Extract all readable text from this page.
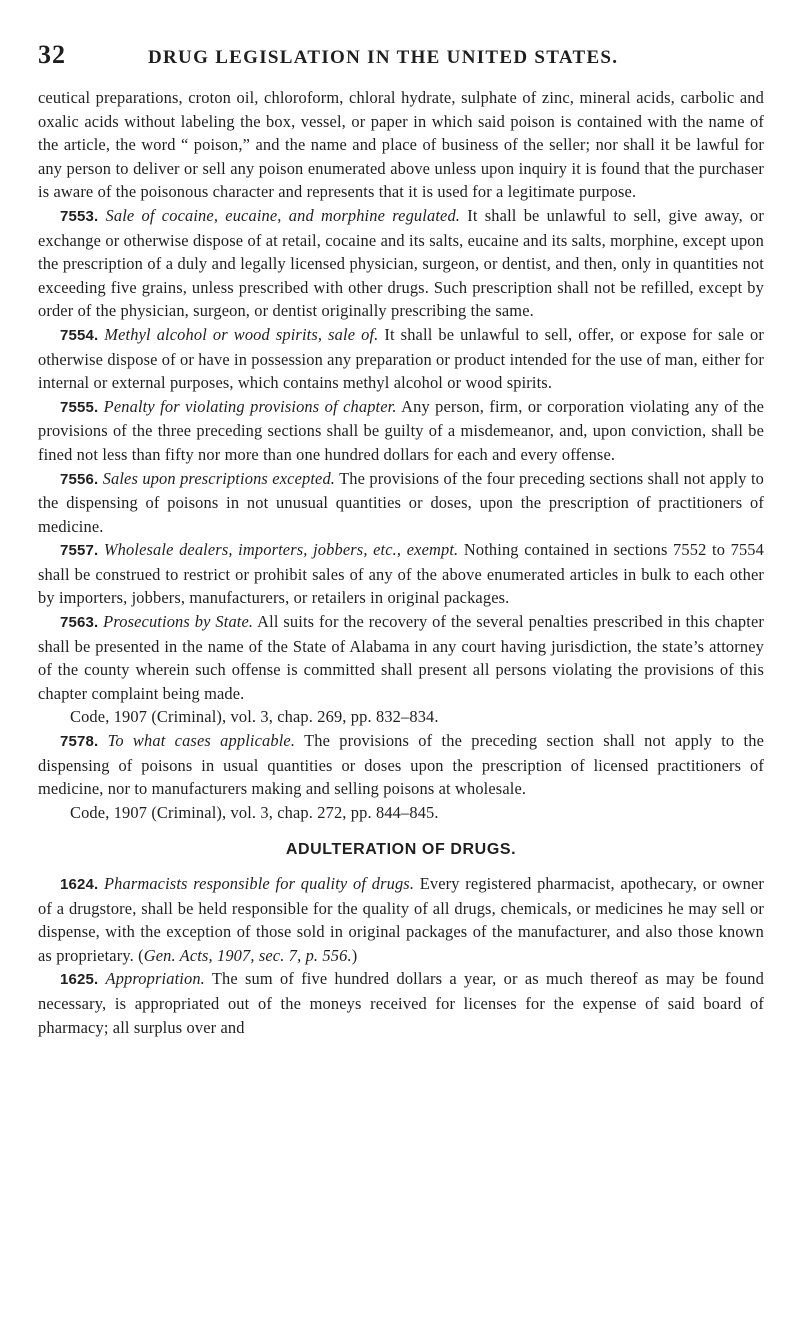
32	DRUG LEGISLATION IN THE UNITED STATES.

ceutical preparations, croton oil, chloroform, chloral hydrate, sulphate of zinc, mineral acids, carbolic and oxalic acids without labeling the box, vessel, or paper in which said poison is contained with the name of the article, the word “ poison,” and the name and place of business of the seller; nor shall it be lawful for any person to deliver or sell any poison enumerated above unless upon inquiry it is found that the purchaser is aware of the poisonous character and represents that it is used for a legitimate purpose.

7553. Sale of cocaine, eucaine, and morphine regulated. It shall be unlawful to sell, give away, or exchange or otherwise dispose of at retail, cocaine and its salts, eucaine and its salts, morphine, except upon the prescription of a duly and legally licensed physician, surgeon, or dentist, and then, only in quantities not exceeding five grains, unless prescribed with other drugs. Such prescription shall not be refilled, except by order of the physician, surgeon, or dentist originally prescribing the same.

7554. Methyl alcohol or wood spirits, sale of. It shall be unlawful to sell, offer, or expose for sale or otherwise dispose of or have in possession any preparation or product intended for the use of man, either for internal or external purposes, which contains methyl alcohol or wood spirits.

7555. Penalty for violating provisions of chapter. Any person, firm, or corporation violating any of the provisions of the three preceding sections shall be guilty of a misdemeanor, and, upon conviction, shall be fined not less than fifty nor more than one hundred dollars for each and every offense.

7556. Sales upon prescriptions excepted. The provisions of the four preceding sections shall not apply to the dispensing of poisons in not unusual quantities or doses, upon the prescription of practitioners of medicine.

7557. Wholesale dealers, importers, jobbers, etc., exempt. Nothing contained in sections 7552 to 7554 shall be construed to restrict or prohibit sales of any of the above enumerated articles in bulk to each other by importers, jobbers, manufacturers, or retailers in original packages.

7563. Prosecutions by State. All suits for the recovery of the several penalties prescribed in this chapter shall be presented in the name of the State of Alabama in any court having jurisdiction, the state’s attorney of the county wherein such offense is committed shall present all persons violating the provisions of this chapter complaint being made.

Code, 1907 (Criminal), vol. 3, chap. 269, pp. 832–834.

7578. To what cases applicable. The provisions of the preceding section shall not apply to the dispensing of poisons in usual quantities or doses upon the prescription of licensed practitioners of medicine, nor to manufacturers making and selling poisons at wholesale.

Code, 1907 (Criminal), vol. 3, chap. 272, pp. 844–845.

ADULTERATION OF DRUGS.

1624. Pharmacists responsible for quality of drugs. Every registered pharmacist, apothecary, or owner of a drugstore, shall be held responsible for the quality of all drugs, chemicals, or medicines he may sell or dispense, with the exception of those sold in original packages of the manufacturer, and also those known as proprietary. (Gen. Acts, 1907, sec. 7, p. 556.)

1625. Appropriation. The sum of five hundred dollars a year, or as much thereof as may be found necessary, is appropriated out of the moneys received for licenses for the expense of said board of pharmacy; all surplus over and
